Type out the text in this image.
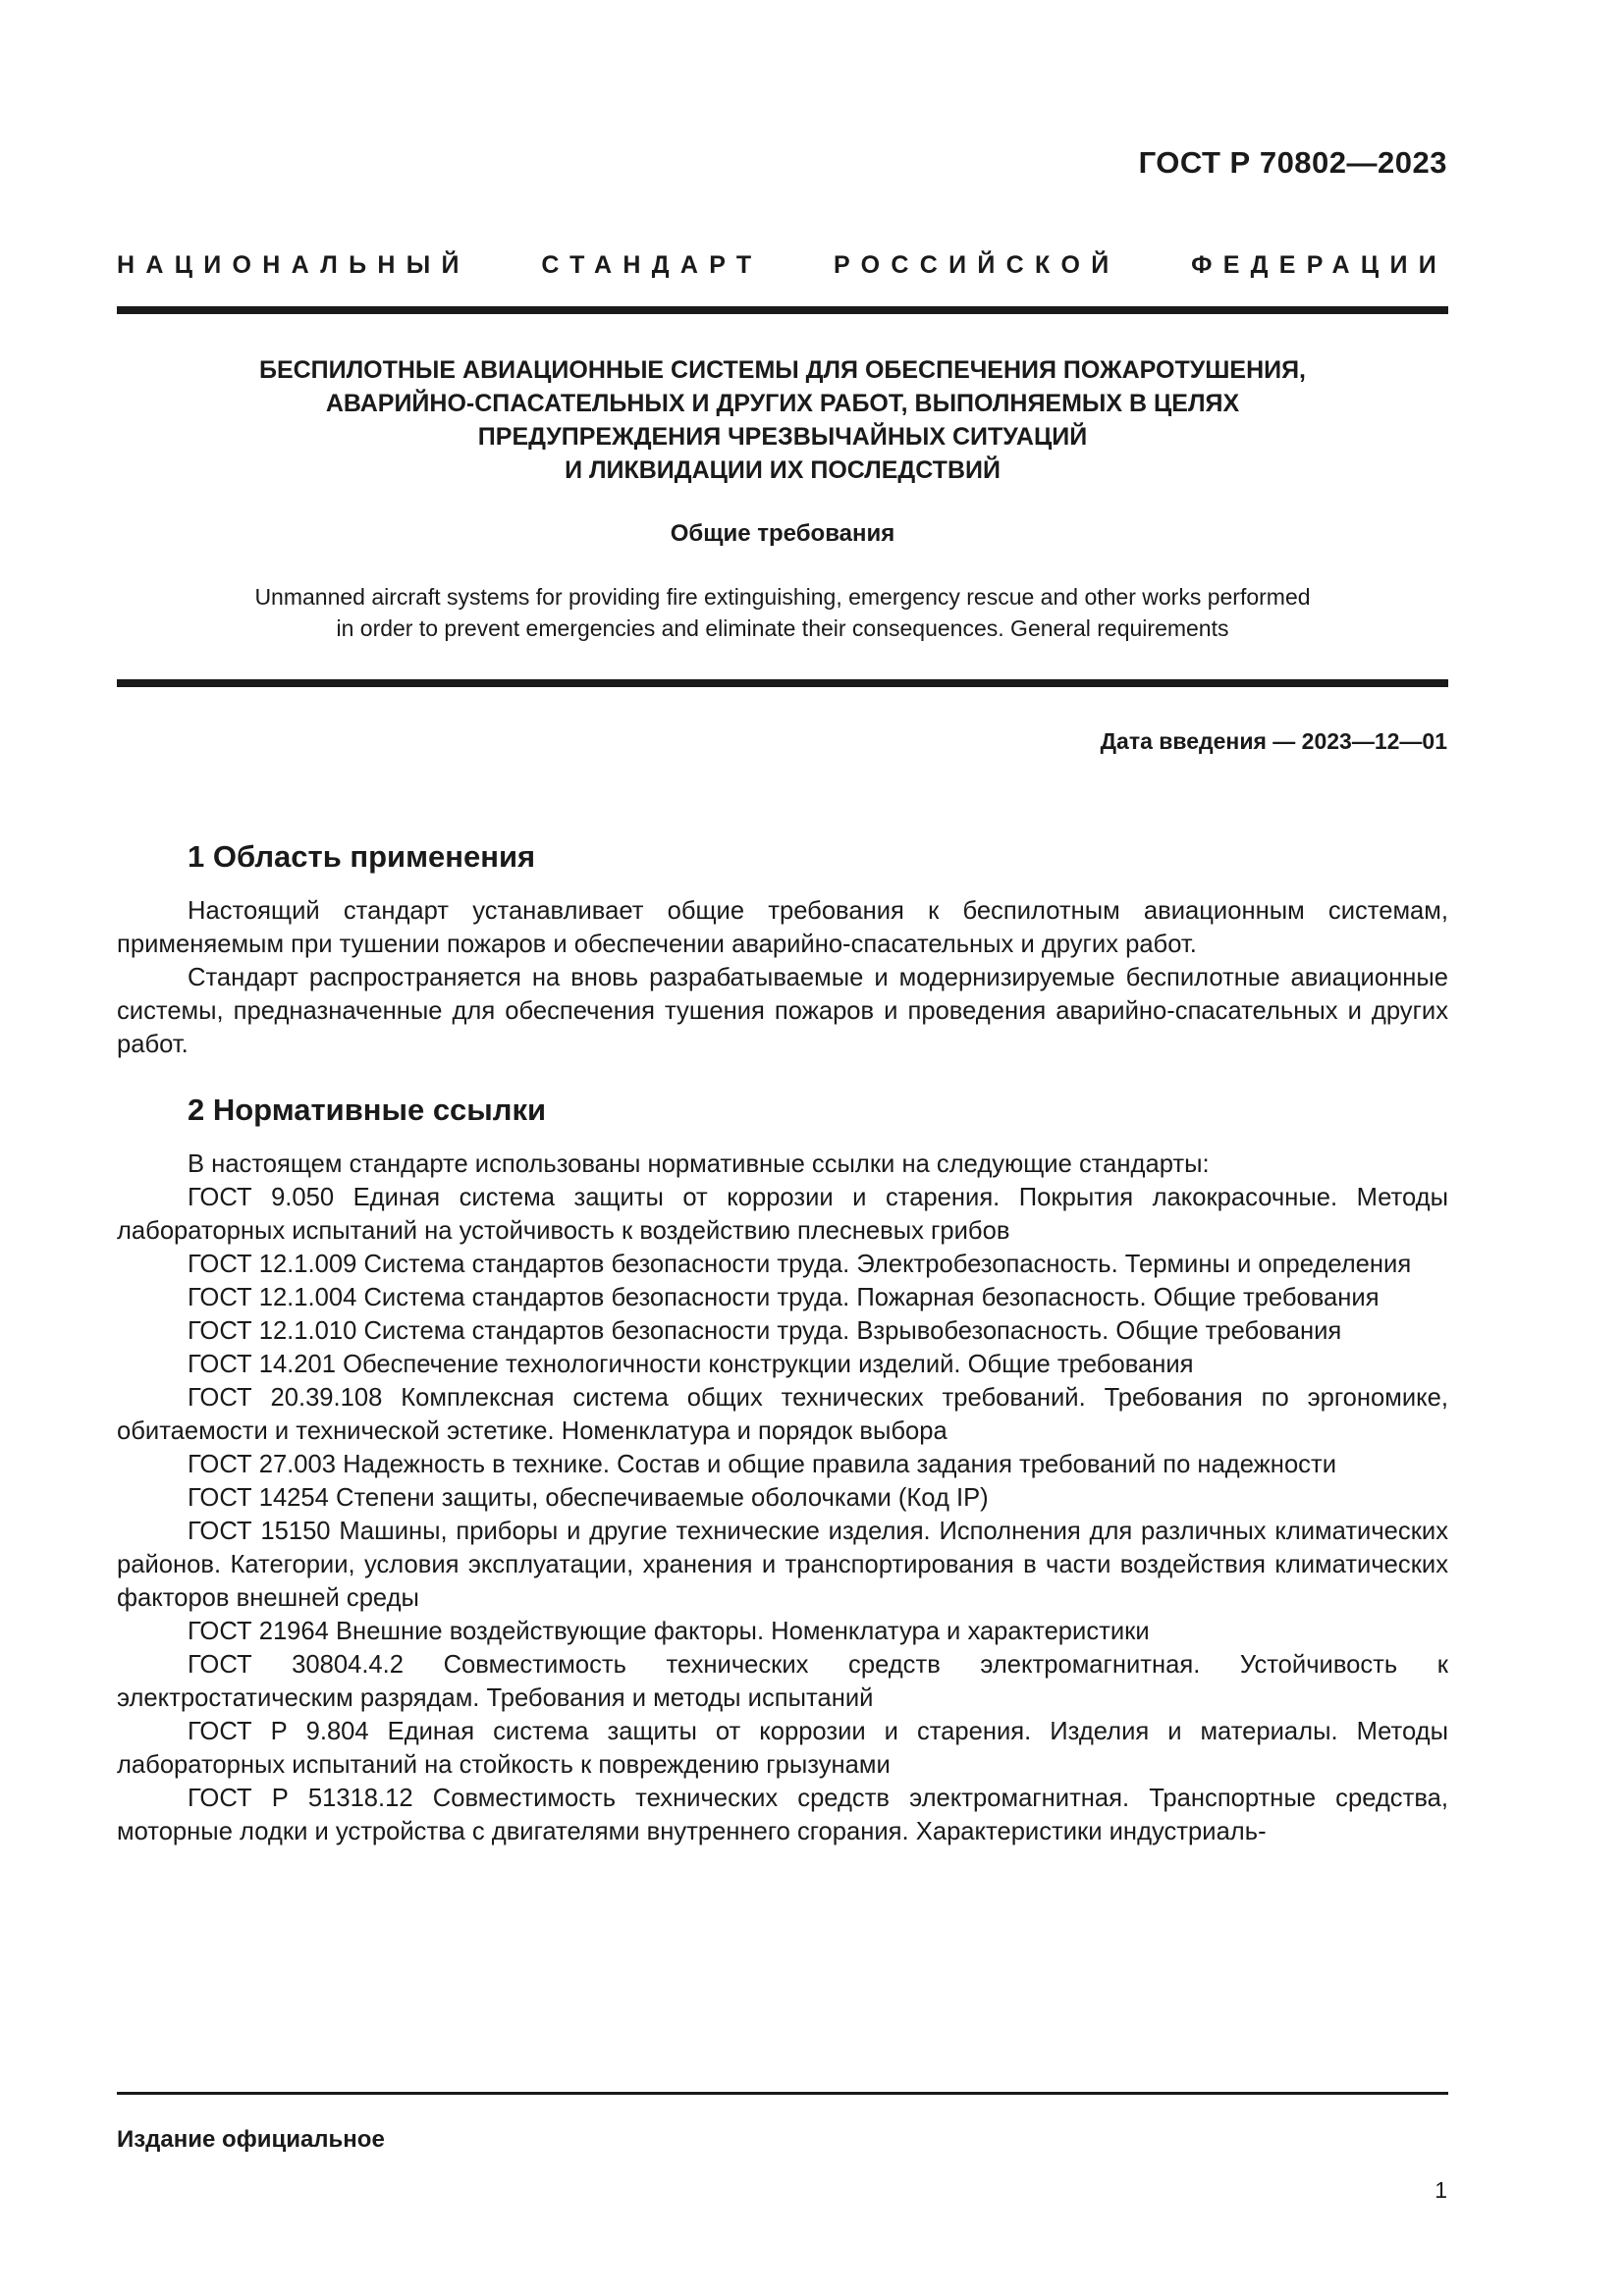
ГОСТ Р 70802—2023
НАЦИОНАЛЬНЫЙ СТАНДАРТ РОССИЙСКОЙ ФЕДЕРАЦИИ
БЕСПИЛОТНЫЕ АВИАЦИОННЫЕ СИСТЕМЫ ДЛЯ ОБЕСПЕЧЕНИЯ ПОЖАРОТУШЕНИЯ,
АВАРИЙНО-СПАСАТЕЛЬНЫХ И ДРУГИХ РАБОТ, ВЫПОЛНЯЕМЫХ В ЦЕЛЯХ
ПРЕДУПРЕЖДЕНИЯ ЧРЕЗВЫЧАЙНЫХ СИТУАЦИЙ
И ЛИКВИДАЦИИ ИХ ПОСЛЕДСТВИЙ
Общие требования
Unmanned aircraft systems for providing fire extinguishing, emergency rescue and other works performed
in order to prevent emergencies and eliminate their consequences. General requirements
Дата введения — 2023—12—01
1 Область применения

Настоящий стандарт устанавливает общие требования к беспилотным авиационным системам, применяемым при тушении пожаров и обеспечении аварийно-спасательных и других работ.

Стандарт распространяется на вновь разрабатываемые и модернизируемые беспилотные авиационные системы, предназначенные для обеспечения тушения пожаров и проведения аварийно-спасательных и других работ.

2 Нормативные ссылки

В настоящем стандарте использованы нормативные ссылки на следующие стандарты:

ГОСТ 9.050 Единая система защиты от коррозии и старения. Покрытия лакокрасочные. Методы лабораторных испытаний на устойчивость к воздействию плесневых грибов

ГОСТ 12.1.009 Система стандартов безопасности труда. Электробезопасность. Термины и определения

ГОСТ 12.1.004 Система стандартов безопасности труда. Пожарная безопасность. Общие требования

ГОСТ 12.1.010 Система стандартов безопасности труда. Взрывобезопасность. Общие требования

ГОСТ 14.201 Обеспечение технологичности конструкции изделий. Общие требования

ГОСТ 20.39.108 Комплексная система общих технических требований. Требования по эргономике, обитаемости и технической эстетике. Номенклатура и порядок выбора

ГОСТ 27.003 Надежность в технике. Состав и общие правила задания требований по надежности

ГОСТ 14254 Степени защиты, обеспечиваемые оболочками (Код IP)

ГОСТ 15150 Машины, приборы и другие технические изделия. Исполнения для различных климатических районов. Категории, условия эксплуатации, хранения и транспортирования в части воздействия климатических факторов внешней среды

ГОСТ 21964 Внешние воздействующие факторы. Номенклатура и характеристики

ГОСТ 30804.4.2 Совместимость технических средств электромагнитная. Устойчивость к электростатическим разрядам. Требования и методы испытаний

ГОСТ Р 9.804 Единая система защиты от коррозии и старения. Изделия и материалы. Методы лабораторных испытаний на стойкость к повреждению грызунами

ГОСТ Р 51318.12 Совместимость технических средств электромагнитная. Транспортные средства, моторные лодки и устройства с двигателями внутреннего сгорания. Характеристики индустриаль-

Издание официальное
1
